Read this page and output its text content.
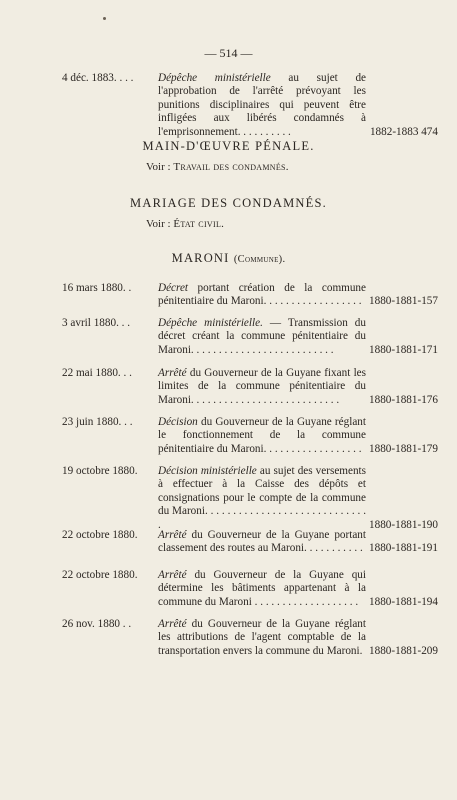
— 514 —
4 déc. 1883. . . .	Dépêche ministérielle au sujet de l'approbation de l'arrêté prévoyant les punitions disciplinaires qui peuvent être infligées aux libérés condamnés à l'emprisonnement. . . . . . . . . .	1882-1883 474
MAIN-D'ŒUVRE PÉNALE.
Voir : Travail des condamnés.
MARIAGE DES CONDAMNÉS.
Voir : État civil.
MARONI (Commune).
16 mars 1880. .	Décret portant création de la commune pénitentiaire du Maroni. . . . . . . . . . . . . . . . . . 1880-1881-157
3 avril 1880. . .	Dépêche ministérielle. — Transmission du décret créant la commune pénitentiaire du Maroni. . . . . . . . . . . . . . . . . . . . . . . . . .	1880-1881-171
22 mai 1880. . .	Arrêté du Gouverneur de la Guyane fixant les limites de la commune pénitentiaire du Maroni. . . . . . . . . . . . . . . . . . . . . . . . . . .	1880-1881-176
23 juin 1880. . .	Décision du Gouverneur de la Guyane réglant le fonctionnement de la commune pénitentiaire du Maroni. . . . . . . . . . . . . . . . . . 1880-1881-179
19 octobre 1880.	Décision ministérielle au sujet des versements à effectuer à la Caisse des dépôts et consignations pour le compte de la commune du Maroni. . . . . . . . . . . . . . . . . . . . . . . . . . . . . .	1880-1881-190
22 octobre 1880.	Arrêté du Gouverneur de la Guyane portant classement des routes au Maroni. . . . . . . . . . . 1880-1881-191
22 octobre 1880.	Arrêté du Gouverneur de la Guyane qui détermine les bâtiments appartenant à la commune du Maroni . . . . . . . . . . . . . . . . . . . 1880-1881-194
26 nov. 1880 . .	Arrêté du Gouverneur de la Guyane réglant les attributions de l'agent comptable de la transportation envers la commune du Maroni. 1880-1881-209
